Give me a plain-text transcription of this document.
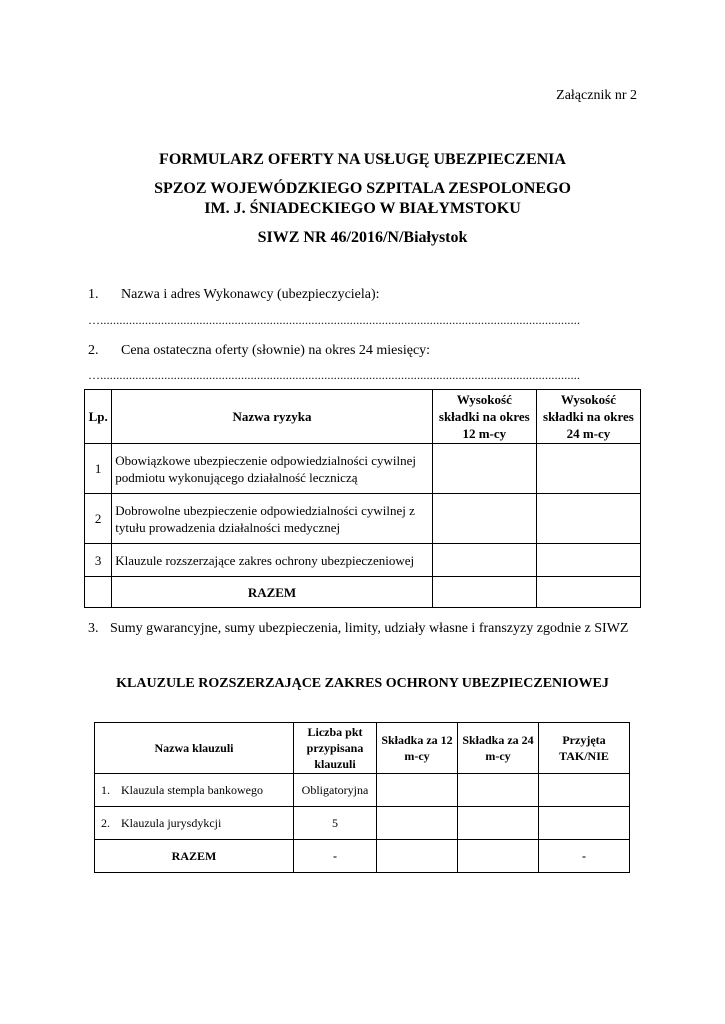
Załącznik nr 2
FORMULARZ OFERTY NA USŁUGĘ UBEZPIECZENIA
SPZOZ WOJEWÓDZKIEGO SZPITALA ZESPOLONEGO
IM. J. ŚNIADECKIEGO W BIAŁYMSTOKU
SIWZ NR 46/2016/N/Białystok
1. Nazwa i adres Wykonawcy (ubezpieczyciela):
…......................................................................................................................................................
2. Cena ostateczna oferty (słownie) na okres 24 miesięcy:
…......................................................................................................................................................
Lp.	Nazwa ryzyka	Wysokość składki na okres 12 m-cy	Wysokość składki na okres 24 m-cy
1	Obowiązkowe ubezpieczenie odpowiedzialności cywilnej podmiotu wykonującego działalność leczniczą		
2	Dobrowolne ubezpieczenie odpowiedzialności cywilnej z tytułu prowadzenia działalności medycznej		
3	Klauzule rozszerzające zakres ochrony ubezpieczeniowej		
	RAZEM		
3. Sumy gwarancyjne, sumy ubezpieczenia, limity, udziały własne i franszyzy zgodnie z SIWZ
KLAUZULE ROZSZERZAJĄCE ZAKRES OCHRONY UBEZPIECZENIOWEJ
Nazwa klauzuli		Liczba pkt przypisana klauzuli	Składka za 12 m-cy	Składka za 24 m-cy	Przyjęta TAK/NIE
1.	Klauzula stempla bankowego	Obligatoryjna			
2.	Klauzula jurysdykcji	5			
RAZEM		-			-
